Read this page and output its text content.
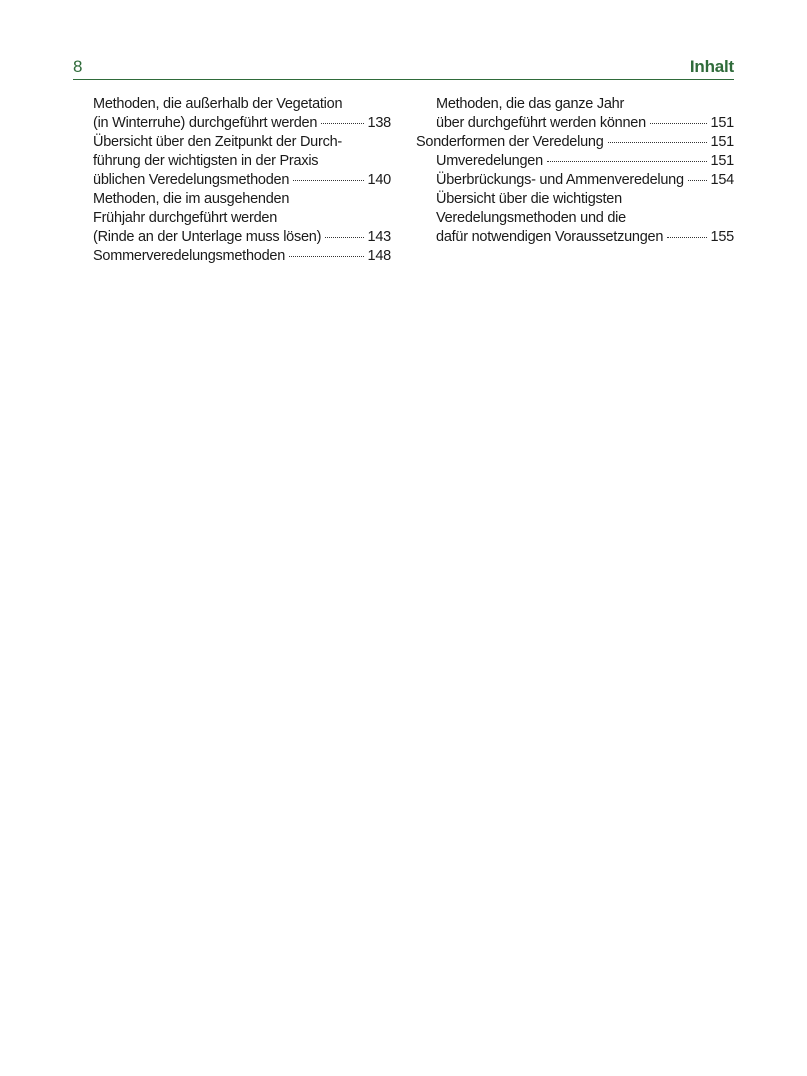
8	Inhalt
Methoden, die außerhalb der Vegetation
(in Winterruhe) durchgeführt werden	138
Übersicht über den Zeitpunkt der Durch-
führung der wichtigsten in der Praxis
üblichen Veredelungsmethoden	140
Methoden, die im ausgehenden
Frühjahr durchgeführt werden
(Rinde an der Unterlage muss lösen)	143
Sommerveredelungsmethoden	148
Methoden, die das ganze Jahr
über durchgeführt werden können	151
Sonderformen der Veredelung	151
Umveredelungen	151
Überbrückungs- und Ammenveredelung 154
Übersicht über die wichtigsten
Veredelungsmethoden und die
dafür notwendigen Voraussetzungen	155
